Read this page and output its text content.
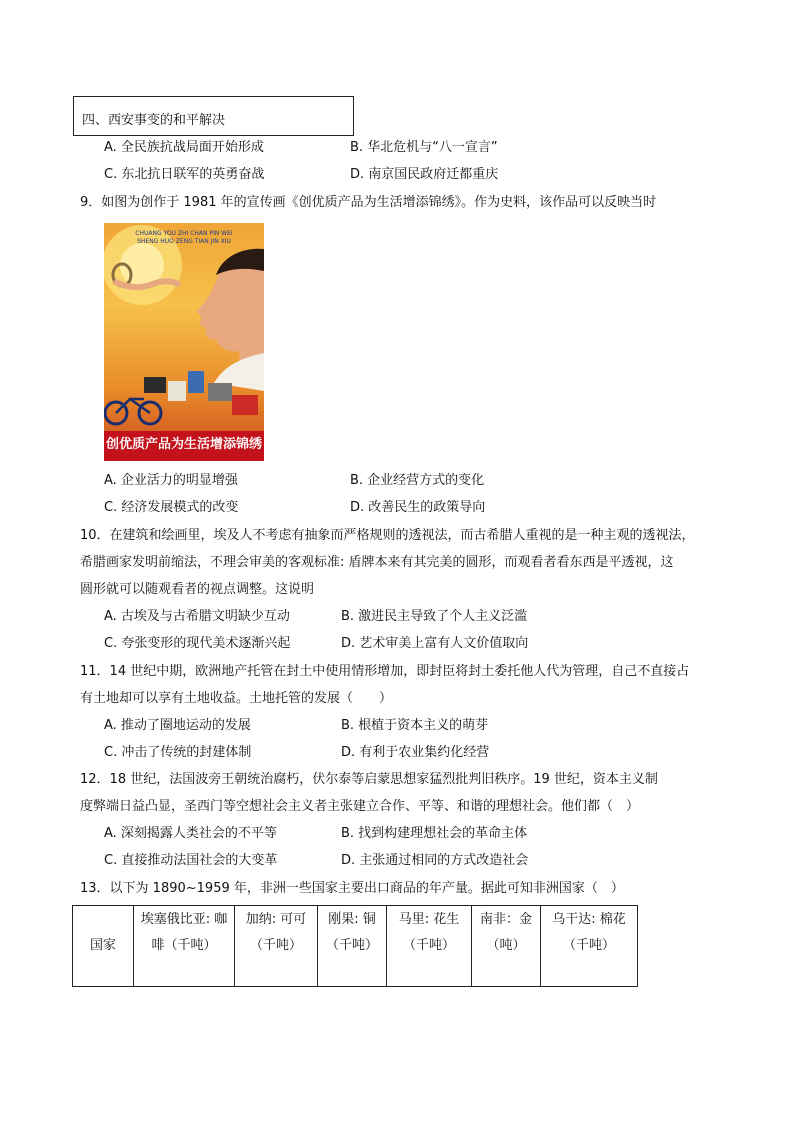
四、西安事变的和平解决
A. 全民族抗战局面开始形成	B. 华北危机与“八一宣言”
C. 东北抗日联军的英勇奋战	D. 南京国民政府迁都重庆
9．如图为创作于 1981 年的宣传画《创优质产品为生活增添锦绣》。作为史料，该作品可以反映当时
CHUANG YOU ZHI CHAN PIN WEI
SHENG HUO ZENG TIAN JIN XIU
创优质产品为生活增添锦绣
A. 企业活力的明显增强	B. 企业经营方式的变化
C. 经济发展模式的改变	D. 改善民生的政策导向
10．在建筑和绘画里，埃及人不考虑有抽象而严格规则的透视法，而古希腊人重视的是一种主观的透视法，
希腊画家发明前缩法，不理会审美的客观标准: 盾牌本来有其完美的圆形，而观看者看东西是平透视，这
圆形就可以随观看者的视点调整。这说明
A. 古埃及与古希腊文明缺少互动	B. 激进民主导致了个人主义泛滥
C. 夸张变形的现代美术逐渐兴起	D. 艺术审美上富有人文价值取向
11．14 世纪中期，欧洲地产托管在封土中使用情形增加，即封臣将封土委托他人代为管理，自己不直接占
有土地却可以享有土地收益。土地托管的发展（　　）
A. 推动了圈地运动的发展	B. 根植于资本主义的萌芽
C. 冲击了传统的封建体制	D. 有利于农业集约化经营
12．18 世纪，法国波旁王朝统治腐朽，伏尔泰等启蒙思想家猛烈批判旧秩序。19 世纪，资本主义制
度弊端日益凸显，圣西门等空想社会主义者主张建立合作、平等、和谐的理想社会。他们都（　）
A. 深刻揭露人类社会的不平等	B. 找到构建理想社会的革命主体
C. 直接推动法国社会的大变革	D. 主张通过相同的方式改造社会
13．以下为 1890~1959 年，非洲一些国家主要出口商品的年产量。据此可知非洲国家（　）
国家	埃塞俄比亚: 咖啡（千吨）	加纳: 可可（千吨）	刚果: 铜（千吨）	马里: 花生（千吨）	南非：金（吨）	乌干达: 棉花（千吨）
